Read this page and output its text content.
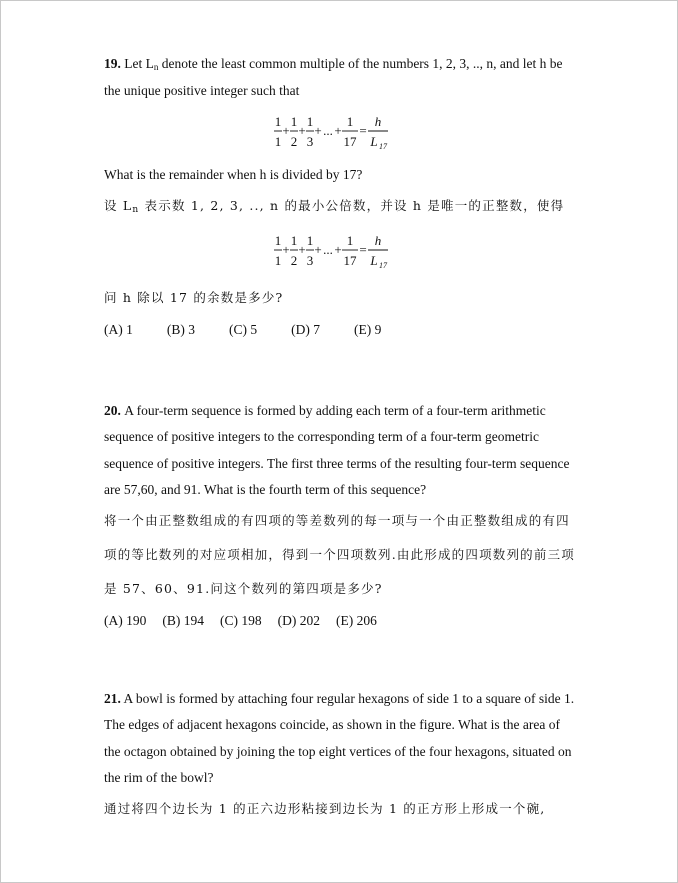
19. Let $L_n$ denote the least common multiple of the numbers 1, 2, 3, .., n, and let h be
the unique positive integer such that
1
1
+
1
2
+
1
3
+ ... +
1
17
=
h
L 17
What is the remainder when h is divided by 17?
设 $L_n$ 表示数 1, 2, 3, .., n 的最小公倍数，并设 h 是唯一的正整数，使得
1
1
+
1
2
+
1
3
+ ... +
1
17
=
h
L 17
问 h 除以 17 的余数是多少?
(A) 1	(B) 3	(C) 5	(D) 7	(E) 9
20. A four-term sequence is formed by adding each term of a four-term arithmetic
sequence of positive integers to the corresponding term of a four-term geometric
sequence of positive integers. The first three terms of the resulting four-term sequence
are 57,60, and 91. What is the fourth term of this sequence?
将一个由正整数组成的有四项的等差数列的每一项与一个由正整数组成的有四
项的等比数列的对应项相加，得到一个四项数列.由此形成的四项数列的前三项
是 57、60、91.问这个数列的第四项是多少?
(A) 190 (B) 194 (C) 198 (D) 202 (E) 206
21. A bowl is formed by attaching four regular hexagons of side 1 to a square of side 1.
The edges of adjacent hexagons coincide, as shown in the figure. What is the area of
the octagon obtained by joining the top eight vertices of the four hexagons, situated on
the rim of the bowl?
通过将四个边长为 1 的正六边形粘接到边长为 1 的正方形上形成一个碗,
